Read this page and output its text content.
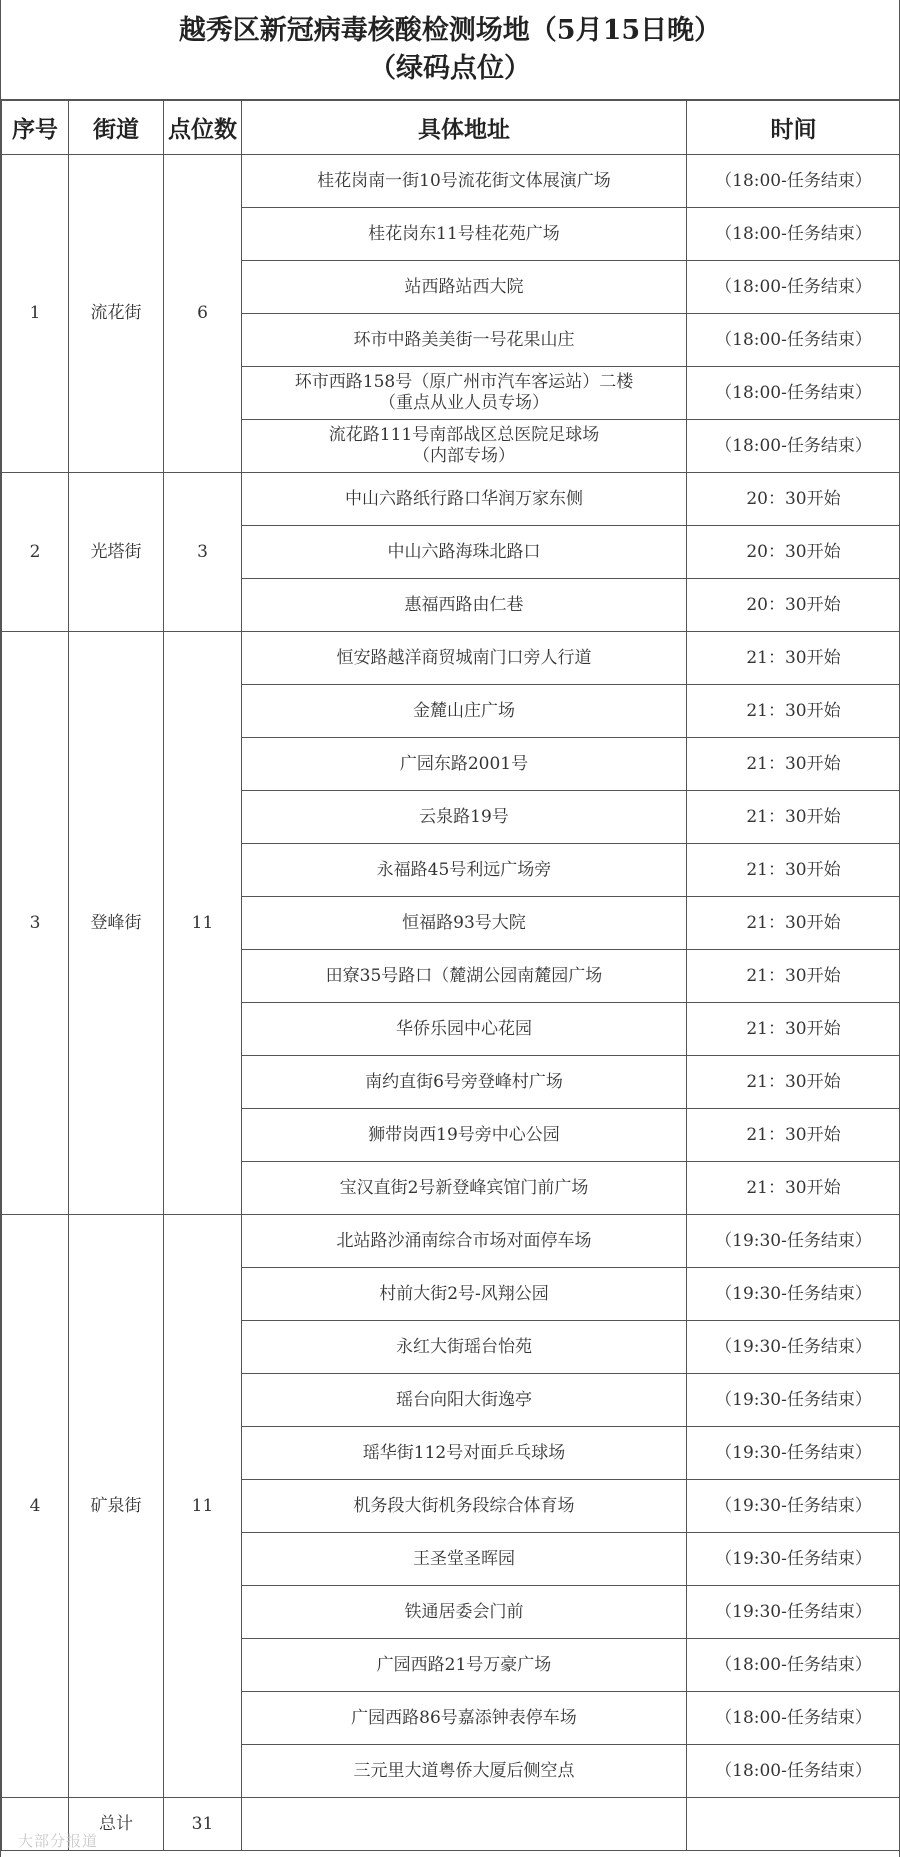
越秀区新冠病毒核酸检测场地（5月15日晚）
（绿码点位）
序号	街道	点位数	具体地址	时间
1	流花街	6	桂花岗南一街10号流花街文体展演广场	（18:00-任务结束）
			桂花岗东11号桂花苑广场	（18:00-任务结束）
			站西路站西大院	（18:00-任务结束）
			环市中路美美街一号花果山庄	（18:00-任务结束）
			环市西路158号（原广州市汽车客运站）二楼
（重点从业人员专场）	（18:00-任务结束）
			流花路111号南部战区总医院足球场
（内部专场）	（18:00-任务结束）
2	光塔街	3	中山六路纸行路口华润万家东侧	20：30开始
			中山六路海珠北路口	20：30开始
			惠福西路由仁巷	20：30开始
3	登峰街	11	恒安路越洋商贸城南门口旁人行道	21：30开始
			金麓山庄广场	21：30开始
			广园东路2001号	21：30开始
			云泉路19号	21：30开始
			永福路45号利远广场旁	21：30开始
			恒福路93号大院	21：30开始
			田寮35号路口（麓湖公园南麓园广场	21：30开始
			华侨乐园中心花园	21：30开始
			南约直街6号旁登峰村广场	21：30开始
			狮带岗西19号旁中心公园	21：30开始
			宝汉直街2号新登峰宾馆门前广场	21：30开始
4	矿泉街	11	北站路沙涌南综合市场对面停车场	（19:30-任务结束）
			村前大街2号-风翔公园	（19:30-任务结束）
			永红大街瑶台怡苑	（19:30-任务结束）
			瑶台向阳大街逸亭	（19:30-任务结束）
			瑶华街112号对面乒乓球场	（19:30-任务结束）
			机务段大街机务段综合体育场	（19:30-任务结束）
			王圣堂圣晖园	（19:30-任务结束）
			铁通居委会门前	（19:30-任务结束）
			广园西路21号万豪广场	（18:00-任务结束）
			广园西路86号嘉添钟表停车场	（18:00-任务结束）
			三元里大道粤侨大厦后侧空点	（18:00-任务结束）
	总计	31		
大部分报道
